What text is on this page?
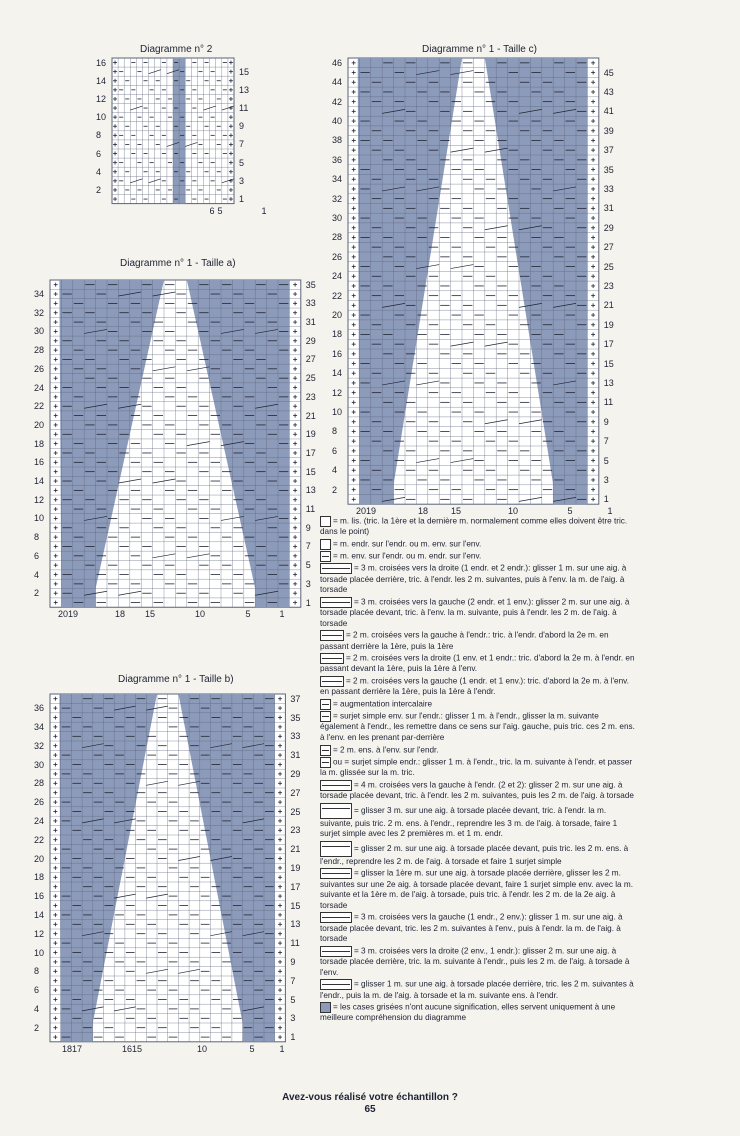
Diagramme n° 2
16
14
12
10
8
6
4
2
15
13
11
9
7
5
3
1
6 5	1
Diagramme n° 1 - Taille c)
46
44
42
40
38
36
34
32
30
28
26
24
22
20
18
16
14
12
10
8
6
4
2
45
43
41
39
37
35
33
31
29
27
25
23
21
19
17
15
13
11
9
7
5
3
1
2019	18	15	10	5	1
Diagramme n° 1 - Taille a)
34
32
30
28
26
24
22
20
18
16
14
12
10
8
6
4
2
35
33
31
29
27
25
23
21
19
17
15
13
11
9
7
5
3
1
2019	18	15	10	5	1
Diagramme n° 1 - Taille b)
36
34
32
30
28
26
24
22
20
18
16
14
12
10
8
6
4
2
37
35
33
31
29
27
25
23
21
19
17
15
13
11
9
7
5
3
1
1817	1615	10	5	1
= m. lis. (tric. la 1ère et la dernière m. normalement comme elles doivent être tric. dans le point)
= m. endr. sur l'endr. ou m. env. sur l'env.
= m. env. sur l'endr. ou m. endr. sur l'env.
= 3 m. croisées vers la droite (1 endr. et 2 endr.): glisser 1 m. sur une aig. à torsade placée derrière, tric. à l'endr. les 2 m. suivantes, puis à l'env. la m. de l'aig. à torsade
= 3 m. croisées vers la gauche (2 endr. et 1 env.): glisser 2 m. sur une aig. à torsade placée devant, tric. à l'env. la m. suivante, puis à l'endr. les 2 m. de l'aig. à torsade
= 2 m. croisées vers la gauche à l'endr.: tric. à l'endr. d'abord la 2e m. en passant derrière la 1ère, puis la 1ère
= 2 m. croisées vers la droite (1 env. et 1 endr.: tric. d'abord la 2e m. à l'endr. en passant devant la 1ère, puis la 1ère à l'env.
= 2 m. croisées vers la gauche (1 endr. et 1 env.): tric. d'abord la 2e m. à l'env. en passant derrière la 1ère, puis la 1ère à l'endr.
= augmentation intercalaire
= surjet simple env. sur l'endr.: glisser 1 m. à l'endr., glisser la m. suivante également à l'endr., les remettre dans ce sens sur l'aig. gauche, puis tric. ces 2 m. ens. à l'env. en les prenant par-derrière
= 2 m. ens. à l'env. sur l'endr.
ou = surjet simple endr.: glisser 1 m. à l'endr., tric. la m. suivante à l'endr. et passer la m. glissée sur la m. tric.
= 4 m. croisées vers la gauche à l'endr. (2 et 2): glisser 2 m. sur une aig. à torsade placée devant, tric. à l'endr. les 2 m. suivantes, puis les 2 m. de l'aig. à torsade
= glisser 3 m. sur une aig. à torsade placée devant, tric. à l'endr. la m. suivante, puis tric. 2 m. ens. à l'endr., reprendre les 3 m. de l'aig. à torsade, faire 1 surjet simple avec les 2 premières m. et 1 m. endr.
= glisser 2 m. sur une aig. à torsade placée devant, puis tric. les 2 m. ens. à l'endr., reprendre les 2 m. de l'aig. à torsade et faire 1 surjet simple
= glisser la 1ère m. sur une aig. à torsade placée derrière, glisser les 2 m. suivantes sur une 2e aig. à torsade placée devant, faire 1 surjet simple env. avec la m. suivante et la 1ère m. de l'aig. à torsade, puis tric. à l'endr. les 2 m. de la 2e aig. à torsade
= 3 m. croisées vers la gauche (1 endr., 2 env.): glisser 1 m. sur une aig. à torsade placée devant, tric. les 2 m. suivantes à l'env., puis à l'endr. la m. de l'aig. à torsade
= 3 m. croisées vers la droite (2 env., 1 endr.): glisser 2 m. sur une aig. à torsade placée derrière, tric. la m. suivante à l'endr., puis les 2 m. de l'aig. à torsade à l'env.
= glisser 1 m. sur une aig. à torsade placée derrière, tric. les 2 m. suivantes à l'endr., puis la m. de l'aig. à torsade et la m. suivante ens. à l'endr.
= les cases grisées n'ont aucune signification, elles servent uniquement à une meilleure compréhension du diagramme
Avez-vous réalisé votre échantillon ?
65
